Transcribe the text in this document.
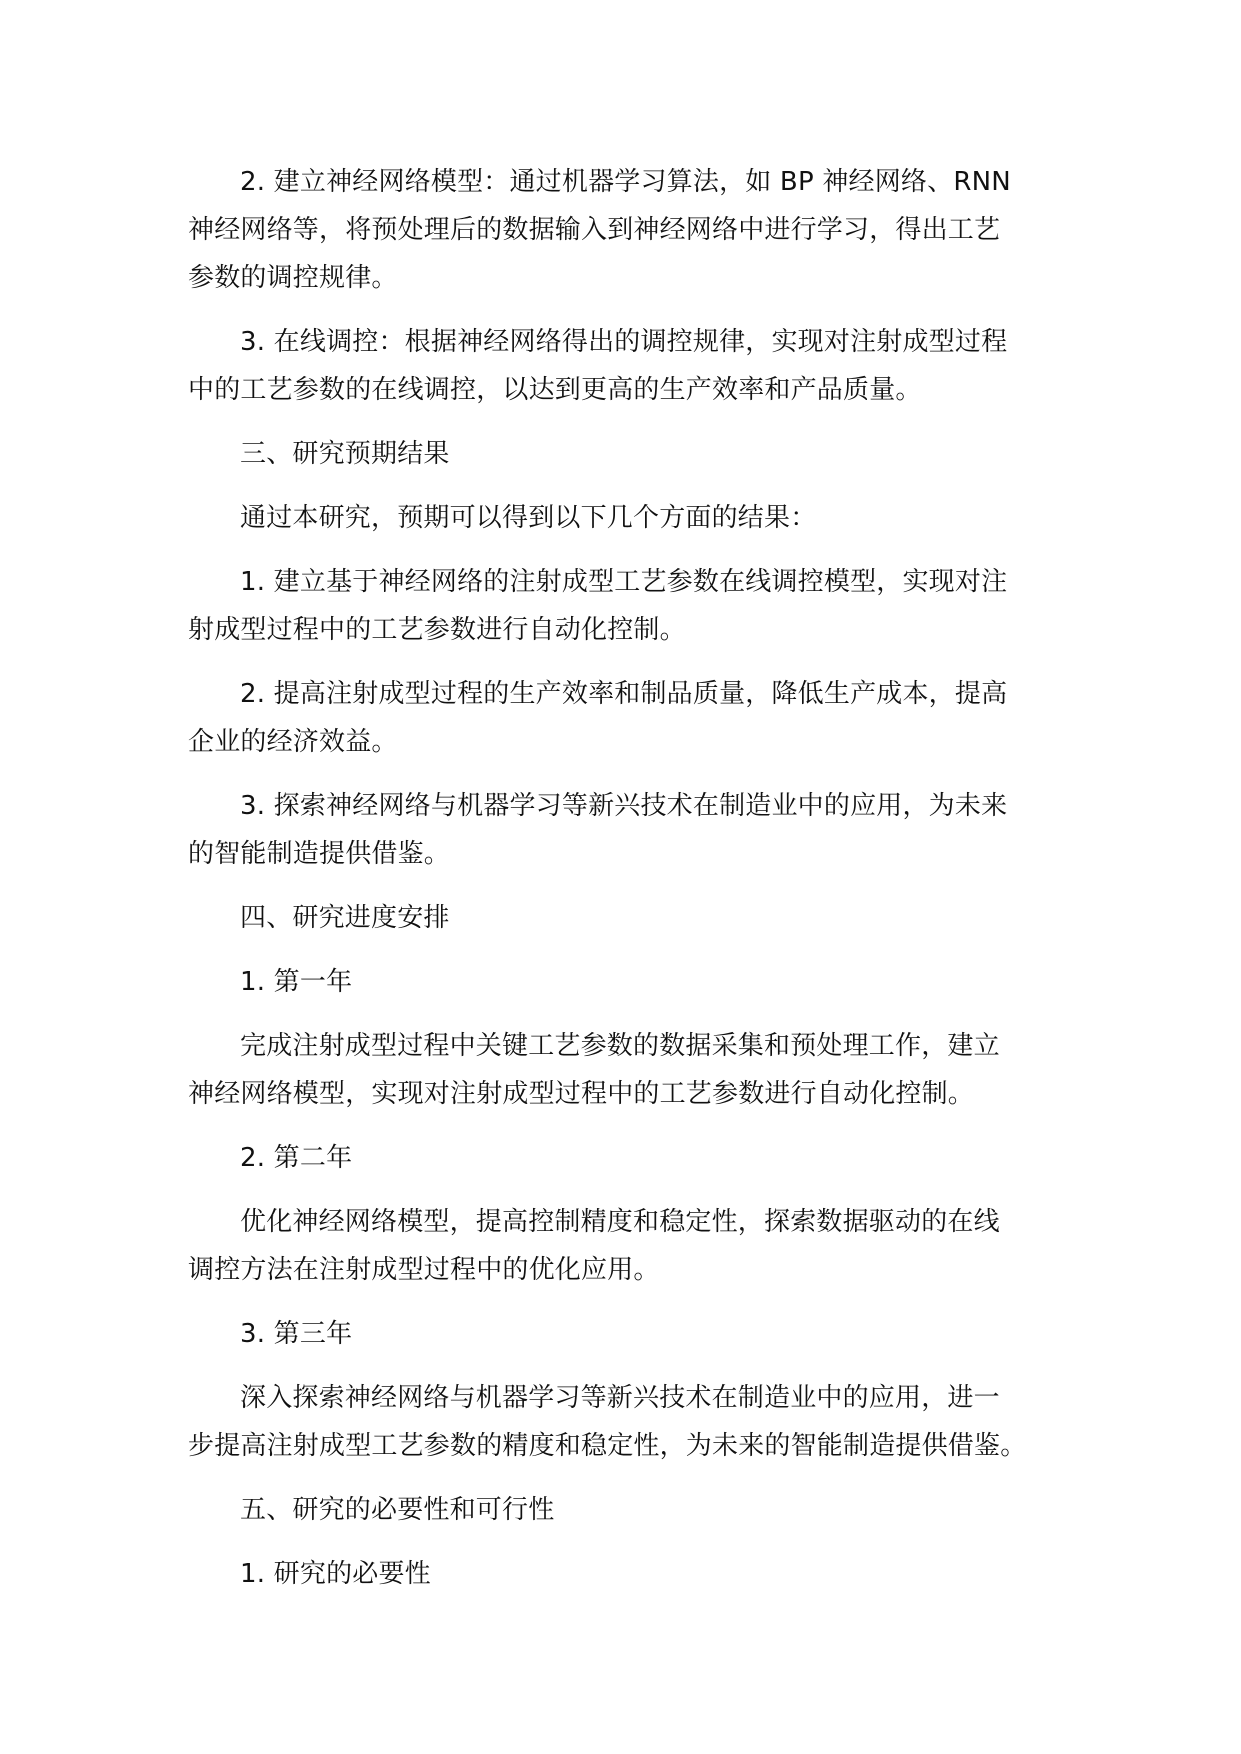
2. 建立神经网络模型：通过机器学习算法，如 BP 神经网络、RNN
神经网络等，将预处理后的数据输入到神经网络中进行学习，得出工艺
参数的调控规律。

3. 在线调控：根据神经网络得出的调控规律，实现对注射成型过程
中的工艺参数的在线调控，以达到更高的生产效率和产品质量。

三、研究预期结果

通过本研究，预期可以得到以下几个方面的结果：

1. 建立基于神经网络的注射成型工艺参数在线调控模型，实现对注
射成型过程中的工艺参数进行自动化控制。

2. 提高注射成型过程的生产效率和制品质量，降低生产成本，提高
企业的经济效益。

3. 探索神经网络与机器学习等新兴技术在制造业中的应用，为未来
的智能制造提供借鉴。

四、研究进度安排

1. 第一年

完成注射成型过程中关键工艺参数的数据采集和预处理工作，建立
神经网络模型，实现对注射成型过程中的工艺参数进行自动化控制。

2. 第二年

优化神经网络模型，提高控制精度和稳定性，探索数据驱动的在线
调控方法在注射成型过程中的优化应用。

3. 第三年

深入探索神经网络与机器学习等新兴技术在制造业中的应用，进一
步提高注射成型工艺参数的精度和稳定性，为未来的智能制造提供借鉴。

五、研究的必要性和可行性

1. 研究的必要性
